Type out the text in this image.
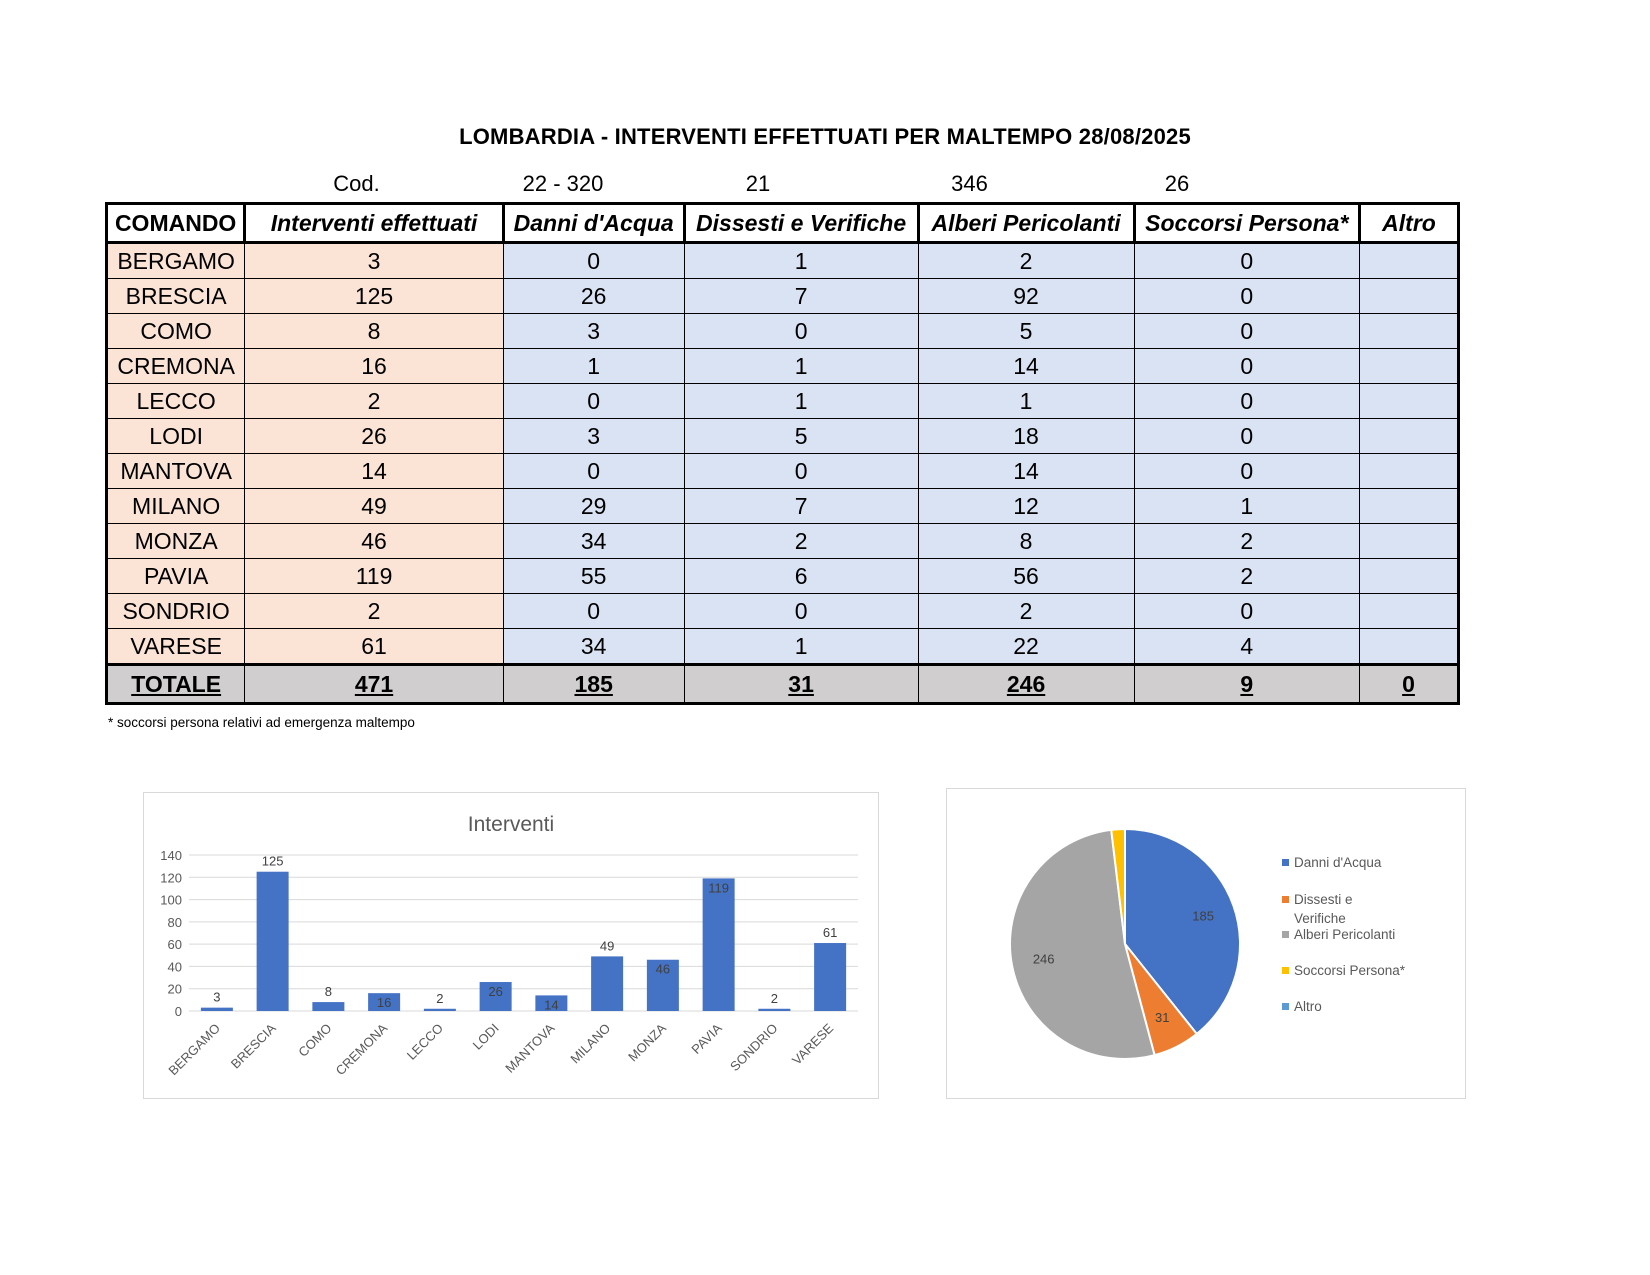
LOMBARDIA - INTERVENTI EFFETTUATI PER MALTEMPO 28/08/2025
Cod.	22 - 320	21	346	26
COMANDO	Interventi effettuati	Danni d'Acqua	Dissesti e Verifiche	Alberi Pericolanti	Soccorsi Persona*	Altro
BERGAMO	3	0	1	2	0	
BRESCIA	125	26	7	92	0	
COMO	8	3	0	5	0	
CREMONA	16	1	1	14	0	
LECCO	2	0	1	1	0	
LODI	26	3	5	18	0	
MANTOVA	14	0	0	14	0	
MILANO	49	29	7	12	1	
MONZA	46	34	2	8	2	
PAVIA	119	55	6	56	2	
SONDRIO	2	0	0	2	0	
VARESE	61	34	1	22	4	
TOTALE	471	185	31	246	9	0
* soccorsi persona relativi ad emergenza maltempo
Interventi
0
20
40
60
80
100
120
140
3
BERGAMO
125
BRESCIA
8
COMO
16
CREMONA
2
LECCO
26
LODI
14
MANTOVA
49
MILANO
46
MONZA
119
PAVIA
2
SONDRIO
61
VARESE
185
31
246
Danni d'Acqua
Dissesti e Verifiche
Alberi Pericolanti
Soccorsi Persona*
Altro
